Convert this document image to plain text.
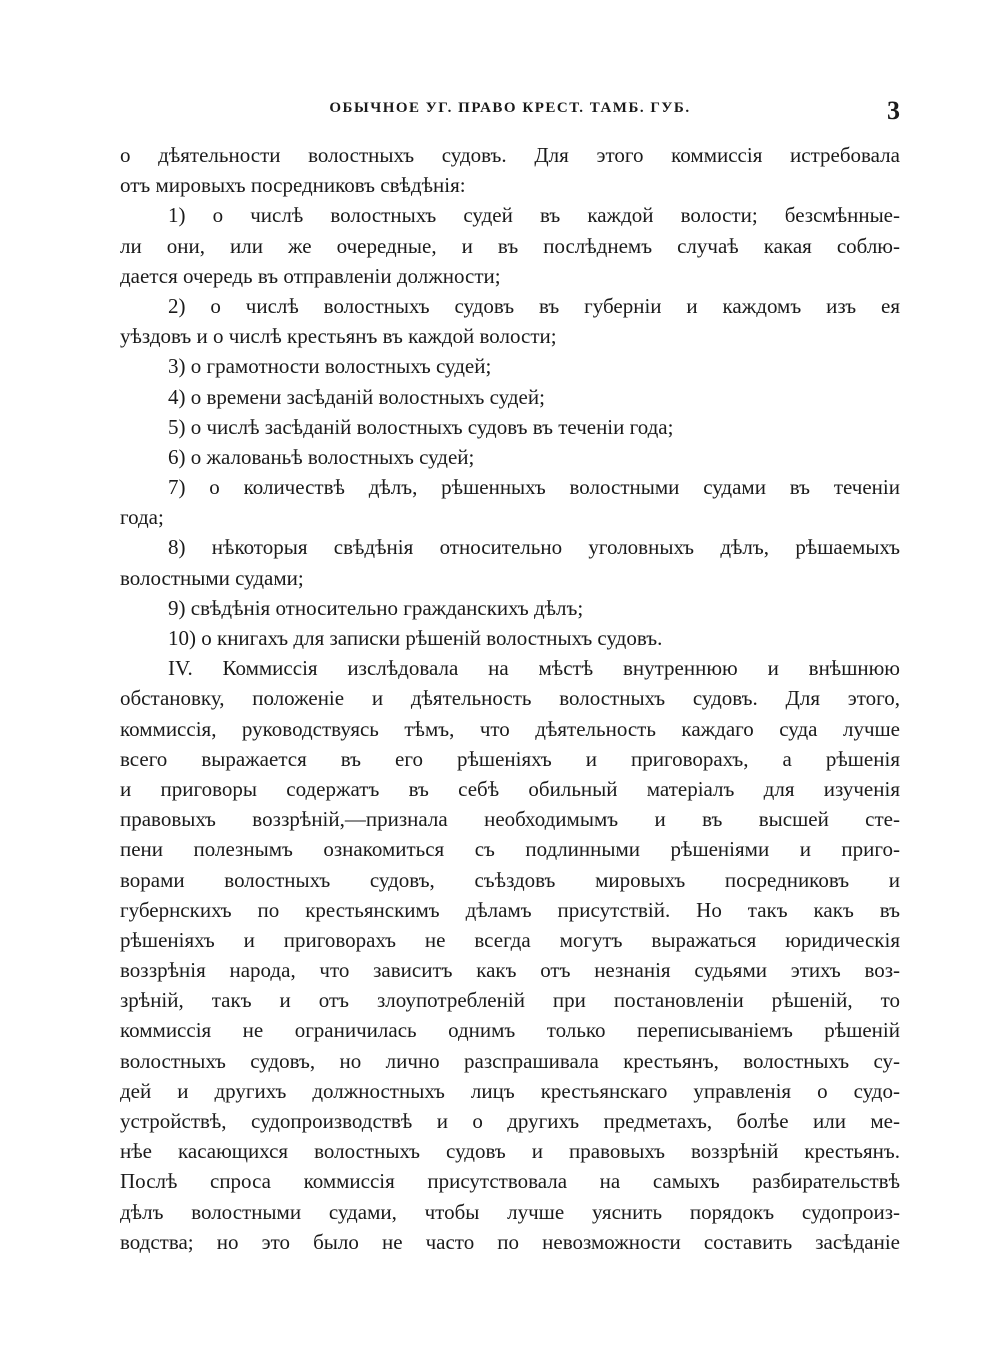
ОБЫЧНОЕ УГ. ПРАВО КРЕСТ. ТАМБ. ГУБ.	3
о дѣятельности волостныхъ судовъ. Для этого коммиссія истребовала
отъ мировыхъ посредниковъ свѣдѣнія:
1) о числѣ волостныхъ судей въ каждой волости; безсмѣнные-
ли они, или же очередные, и въ послѣднемъ случаѣ какая соблю-
дается очередь въ отправленіи должности;
2) о числѣ волостныхъ судовъ въ губерніи и каждомъ изъ ея
уѣздовъ и о числѣ крестьянъ въ каждой волости;
3) о грамотности волостныхъ судей;
4) о времени засѣданій волостныхъ судей;
5) о числѣ засѣданій волостныхъ судовъ въ теченіи года;
6) о жалованьѣ волостныхъ судей;
7) о количествѣ дѣлъ, рѣшенныхъ волостными судами въ теченіи
года;
8) нѣкоторыя свѣдѣнія относительно уголовныхъ дѣлъ, рѣшаемыхъ
волостными судами;
9) свѣдѣнія относительно гражданскихъ дѣлъ;
10) о книгахъ для записки рѣшеній волостныхъ судовъ.
IV. Коммиссія изслѣдовала на мѣстѣ внутреннюю и внѣшнюю
обстановку, положеніе и дѣятельность волостныхъ судовъ. Для этого,
коммиссія, руководствуясь тѣмъ, что дѣятельность каждаго суда лучше
всего выражается въ его рѣшеніяхъ и приговорахъ, а рѣшенія
и приговоры содержатъ въ себѣ обильный матеріалъ для изученія
правовыхъ воззрѣній,—признала необходимымъ и въ высшей сте-
пени полезнымъ ознакомиться съ подлинными рѣшеніями и приго-
ворами волостныхъ судовъ, съѣздовъ мировыхъ посредниковъ и
губернскихъ по крестьянскимъ дѣламъ присутствій. Но такъ какъ въ
рѣшеніяхъ и приговорахъ не всегда могутъ выражаться юридическія
воззрѣнія народа, что зависитъ какъ отъ незнанія судьями этихъ воз-
зрѣній, такъ и отъ злоупотребленій при постановленіи рѣшеній, то
коммиссія не ограничилась однимъ только переписываніемъ рѣшеній
волостныхъ судовъ, но лично разспрашивала крестьянъ, волостныхъ су-
дей и другихъ должностныхъ лицъ крестьянскаго управленія о судо-
устройствѣ, судопроизводствѣ и о другихъ предметахъ, болѣе или ме-
нѣе касающихся волостныхъ судовъ и правовыхъ воззрѣній крестьянъ.
Послѣ спроса коммиссія присутствовала на самыхъ разбирательствѣ
дѣлъ волостными судами, чтобы лучше уяснить порядокъ судопроиз-
водства; но это было не часто по невозможности составить засѣданіе
